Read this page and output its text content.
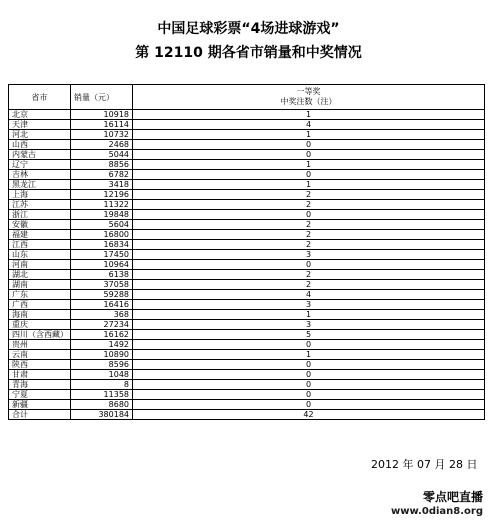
中国足球彩票“4场进球游戏”
第 12110 期各省市销量和中奖情况
省市	销量（元）	一等奖
中奖注数（注）

北京	10918	1
天津	16114	4
河北	10732	1
山西	2468	0
内蒙古	5044	0
辽宁	8856	1
吉林	6782	0
黑龙江	3418	1
上海	12196	2
江苏	11322	2
浙江	19848	0
安徽	5604	2
福建	16800	2
江西	16834	2
山东	17450	3
河南	10964	0
湖北	6138	2
湖南	37058	2
广东	59288	4
广西	16416	3
海南	368	1
重庆	27234	3
四川（含西藏）	16162	5
贵州	1492	0
云南	10890	1
陕西	8596	0
甘肃	1048	0
青海	8	0
宁夏	11358	0
新疆	8680	0
合计	380184	42
2012 年 07 月 28 日
零点吧直播
www.0dian8.org
